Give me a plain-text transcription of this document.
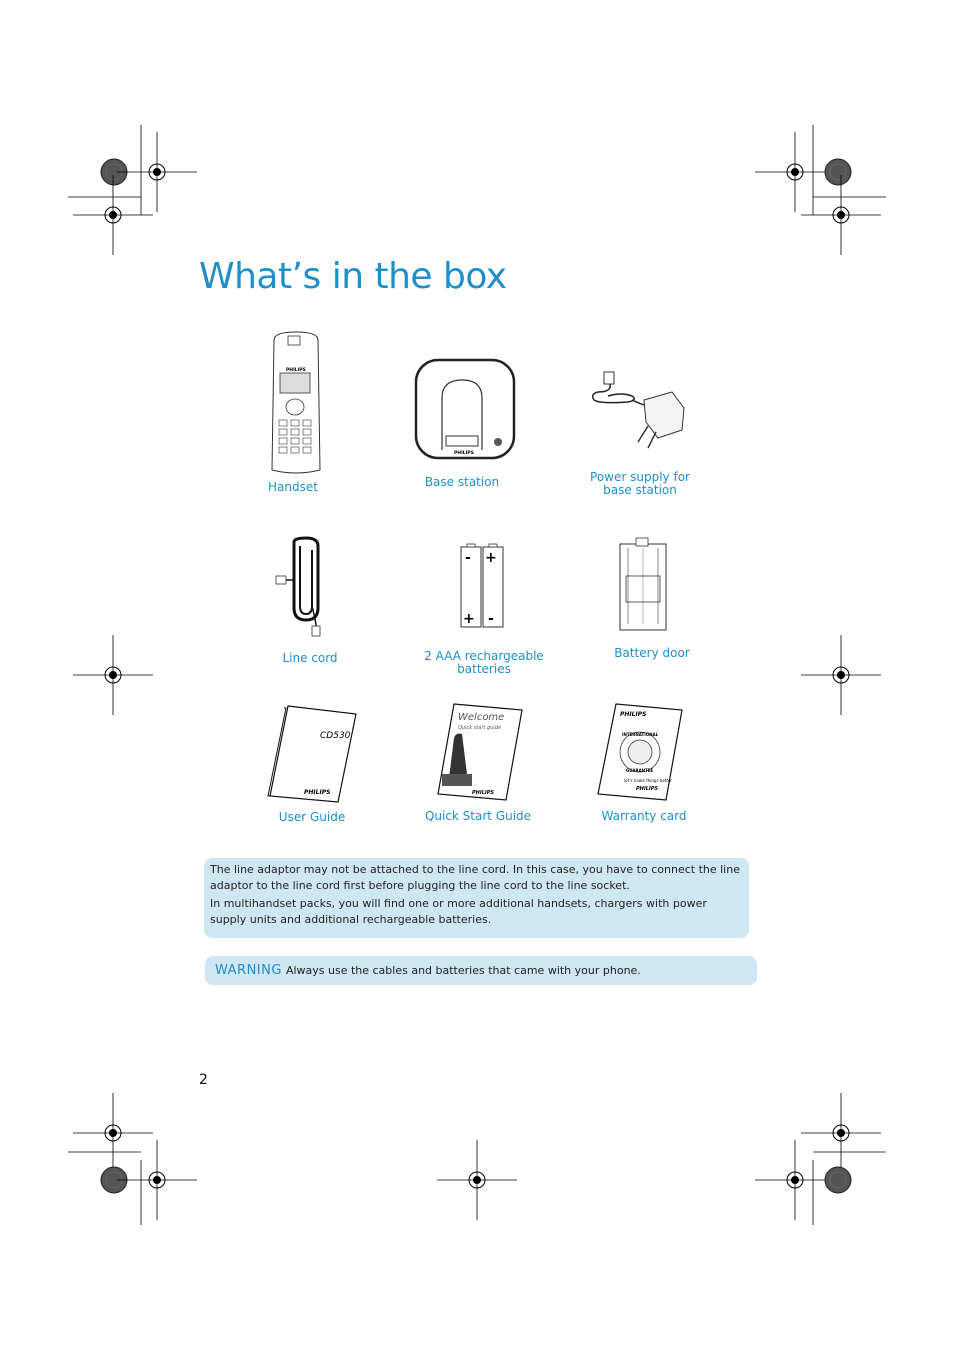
What’s in the box
PHILIPS
Handset
PHILIPS
Base station	Power supply for base station
Line cord
- +
+ -
2 AAA rechargeable batteries
Battery door
CD530
PHILIPS
User Guide
Welcome
Quick start guide
PHILIPS
Quick Start Guide
PHILIPS
INTERNATIONAL
GUARANTEE
let’s make things better
PHILIPS
Warranty card

The line adaptor may not be attached to the line cord. In this case, you have to connect the line adaptor to the line cord first before plugging the line cord to the line socket.

In multihandset packs, you will find one or more additional handsets, chargers with power supply units and additional rechargeable batteries.

WARNING Always use the cables and batteries that came with your phone.
2
